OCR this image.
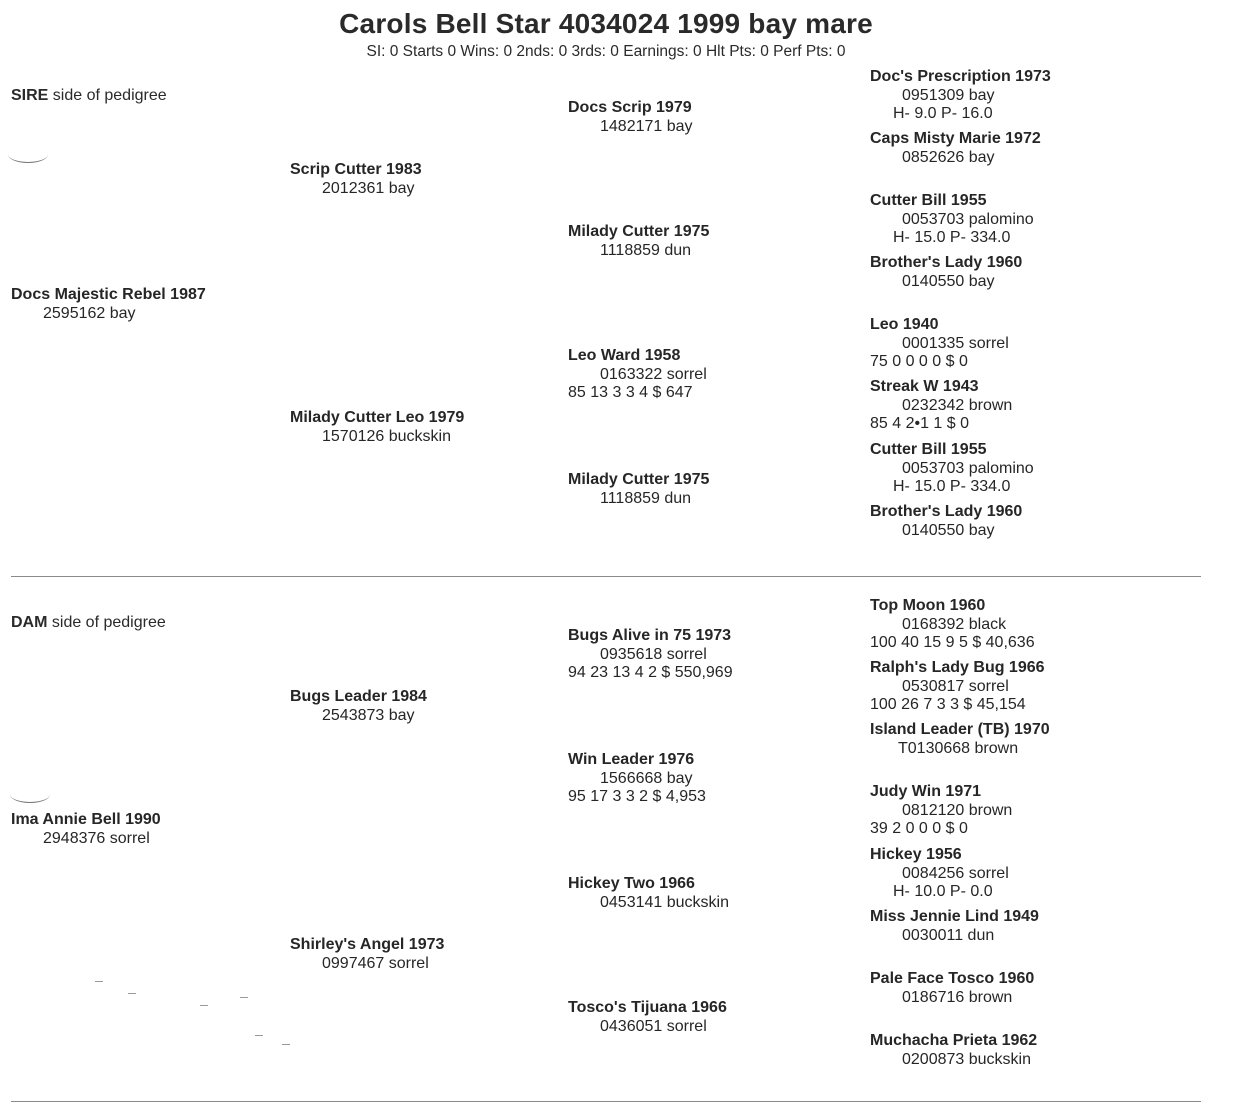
Carols Bell Star 4034024 1999 bay mare
SI: 0 Starts 0 Wins: 0 2nds: 0 3rds: 0 Earnings: 0 Hlt Pts: 0 Perf Pts: 0
SIRE side of pedigree
Docs Majestic Rebel 1987
2595162 bay
Scrip Cutter 1983
2012361 bay
Milady Cutter Leo 1979
1570126 buckskin
Docs Scrip 1979
1482171 bay
Milady Cutter 1975
1118859 dun
Leo Ward 1958
0163322 sorrel
85 13 3 3 4 $ 647
Milady Cutter 1975
1118859 dun
Doc's Prescription 1973
0951309 bay
H- 9.0 P- 16.0
Caps Misty Marie 1972
0852626 bay
Cutter Bill 1955
0053703 palomino
H- 15.0 P- 334.0
Brother's Lady 1960
0140550 bay
Leo 1940
0001335 sorrel
75 0 0 0 0 $ 0
Streak W 1943
0232342 brown
85 4 2•1 1 $ 0
Cutter Bill 1955
0053703 palomino
H- 15.0 P- 334.0
Brother's Lady 1960
0140550 bay
DAM side of pedigree
Ima Annie Bell 1990
2948376 sorrel
Bugs Leader 1984
2543873 bay
Shirley's Angel 1973
0997467 sorrel
Bugs Alive in 75 1973
0935618 sorrel
94 23 13 4 2 $ 550,969
Win Leader 1976
1566668 bay
95 17 3 3 2 $ 4,953
Hickey Two 1966
0453141 buckskin
Tosco's Tijuana 1966
0436051 sorrel
Top Moon 1960
0168392 black
100 40 15 9 5 $ 40,636
Ralph's Lady Bug 1966
0530817 sorrel
100 26 7 3 3 $ 45,154
Island Leader (TB) 1970
T0130668 brown
Judy Win 1971
0812120 brown
39 2 0 0 0 $ 0
Hickey 1956
0084256 sorrel
H- 10.0 P- 0.0
Miss Jennie Lind 1949
0030011 dun
Pale Face Tosco 1960
0186716 brown
Muchacha Prieta 1962
0200873 buckskin
